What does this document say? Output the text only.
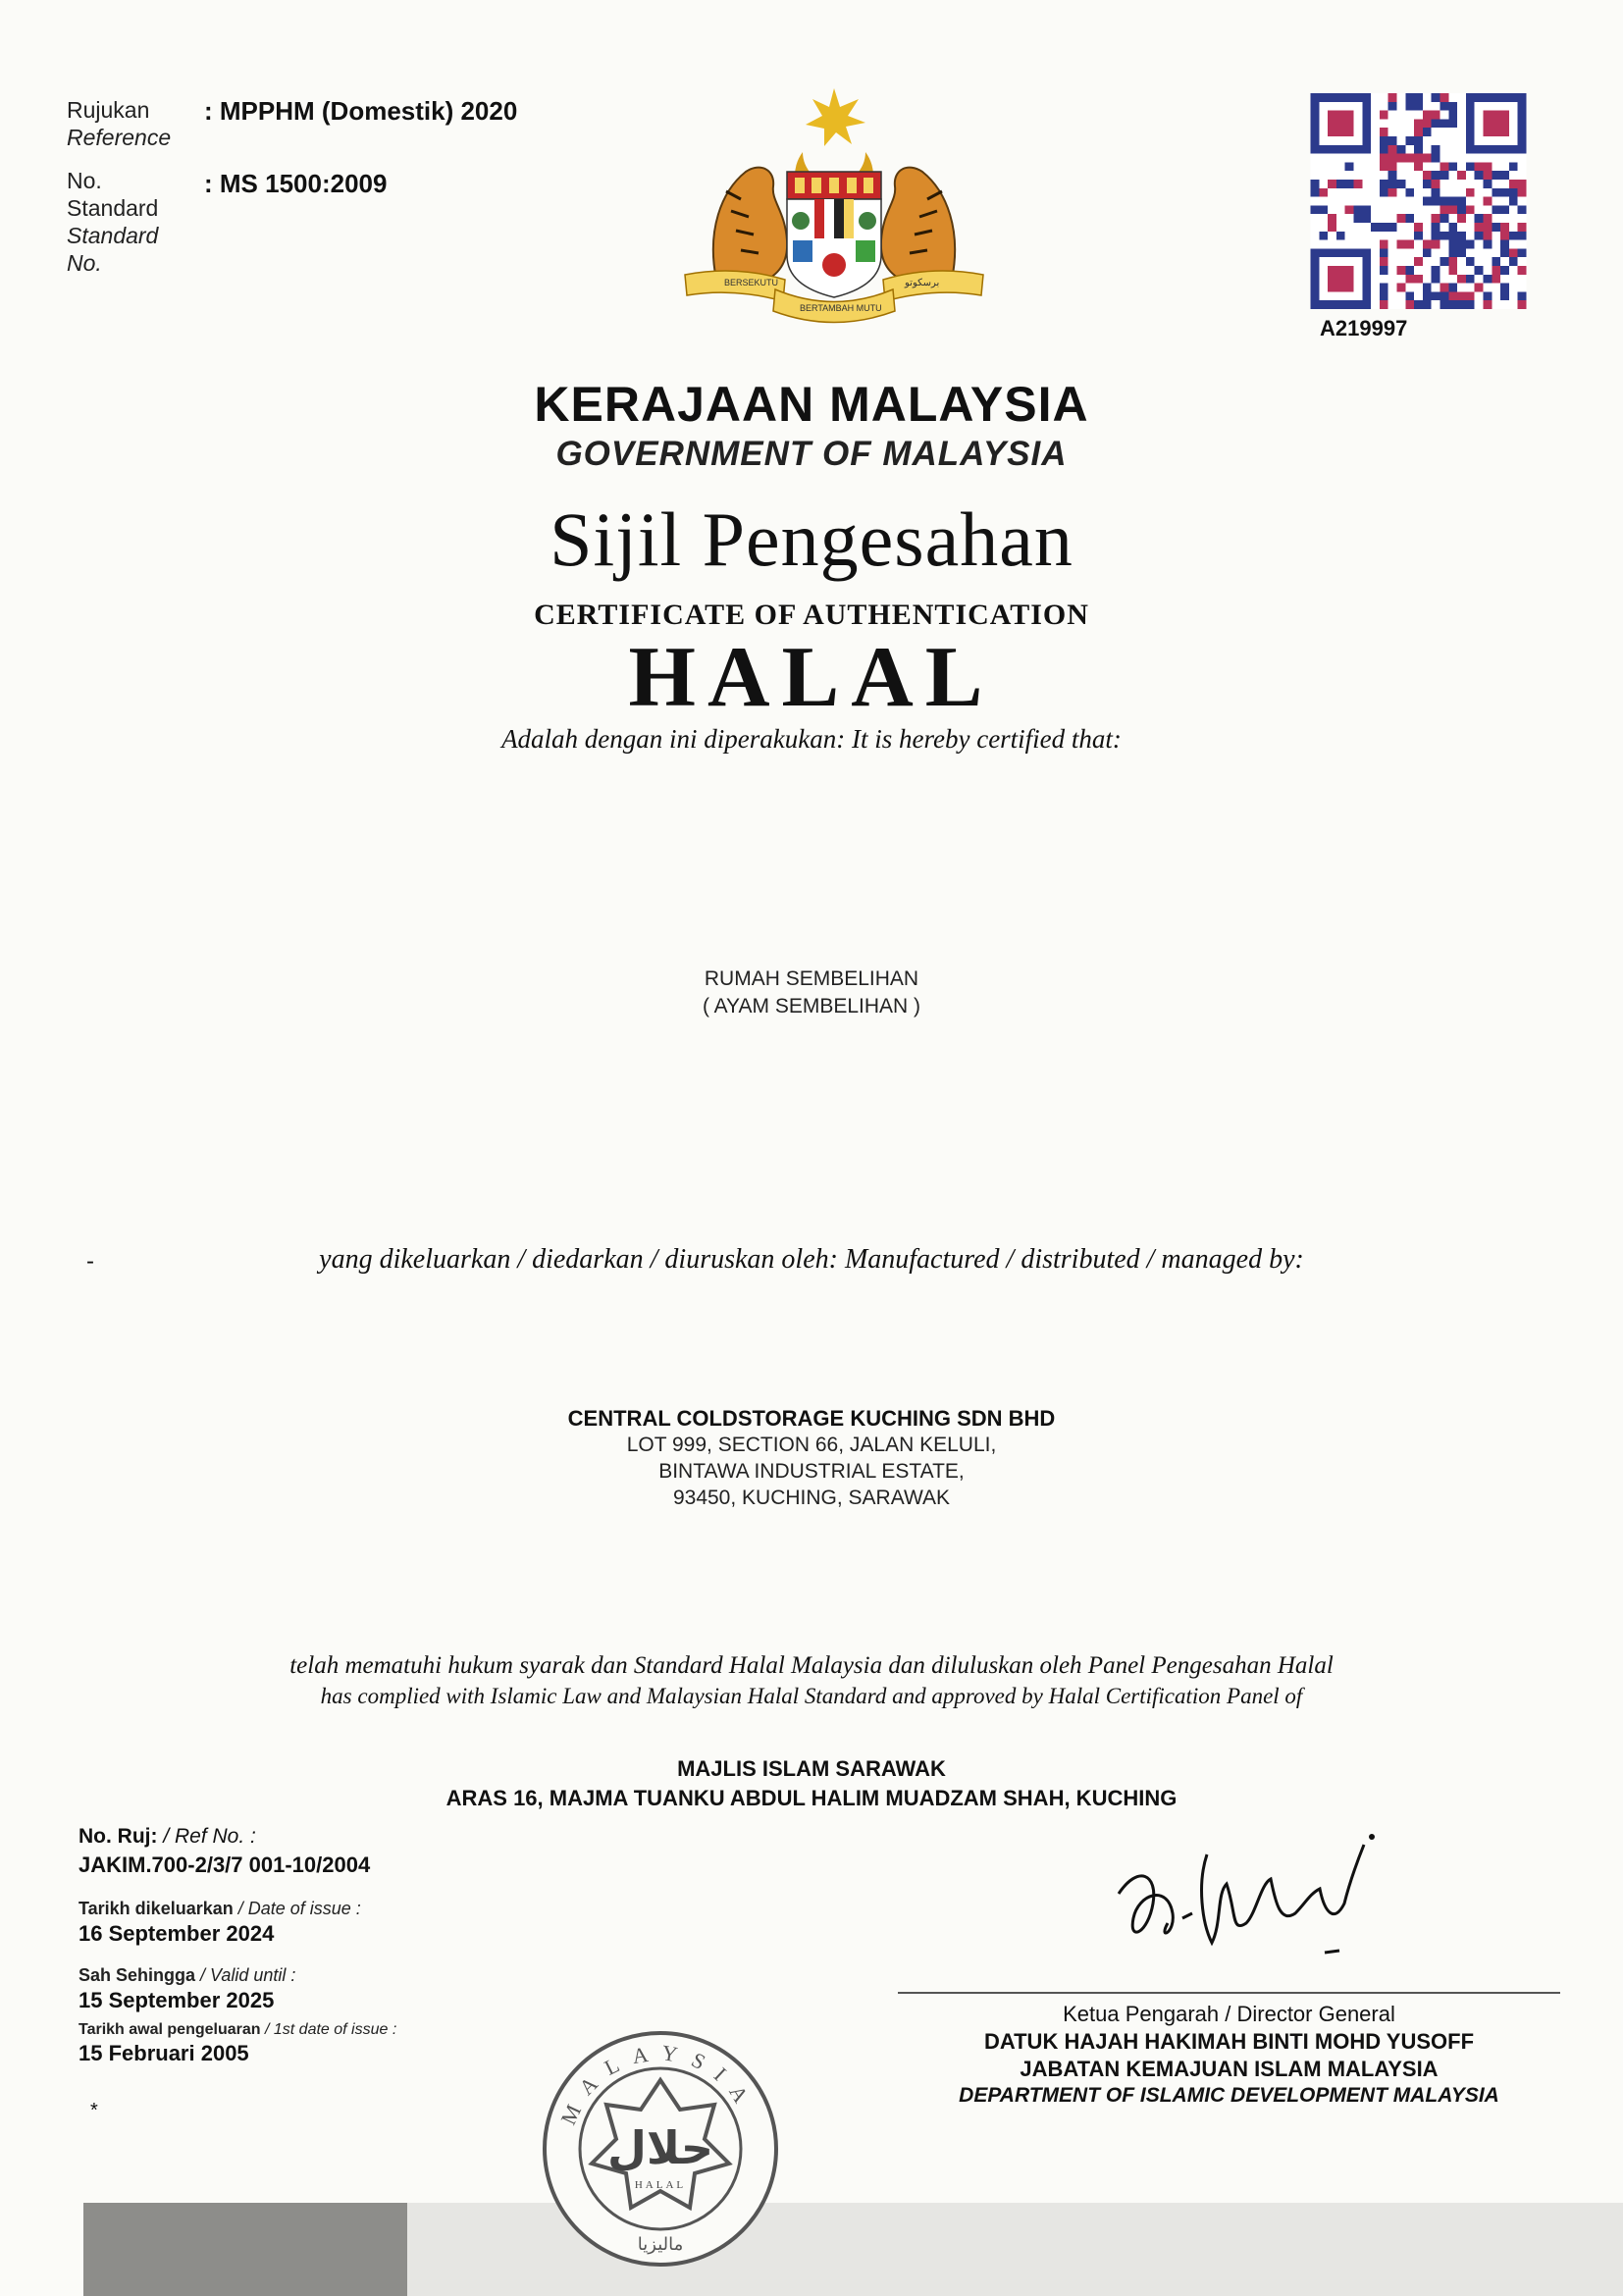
Rujukan
Reference
: MPPHM (Domestik) 2020
No.
Standard
Standard
No.
: MS 1500:2009
BERSEKUTU	برسکوتو
BERTAMBAH MUTU
A219997
KERAJAAN MALAYSIA
GOVERNMENT OF MALAYSIA
Sijil Pengesahan
CERTIFICATE OF AUTHENTICATION
HALAL
Adalah dengan ini diperakukan: It is hereby certified that:
RUMAH SEMBELIHAN
( AYAM SEMBELIHAN )
-	yang dikeluarkan / diedarkan / diuruskan oleh: Manufactured / distributed / managed by:
CENTRAL COLDSTORAGE KUCHING SDN BHD
LOT 999, SECTION 66, JALAN KELULI,
BINTAWA INDUSTRIAL ESTATE,
93450, KUCHING, SARAWAK
telah mematuhi hukum syarak dan Standard Halal Malaysia dan diluluskan oleh Panel Pengesahan Halal
has complied with Islamic Law and Malaysian Halal Standard and approved by Halal Certification Panel of
MAJLIS ISLAM SARAWAK
ARAS 16, MAJMA TUANKU ABDUL HALIM MUADZAM SHAH, KUCHING
No. Ruj: / Ref No. :
JAKIM.700-2/3/7 001-10/2004
Tarikh dikeluarkan / Date of issue :
16 September 2024
Sah Sehingga / Valid until :
15 September 2025
Tarikh awal pengeluaran / 1st date of issue :
15 Februari 2005
*
Ketua Pengarah / Director General
DATUK HAJAH HAKIMAH BINTI MOHD YUSOFF
JABATAN KEMAJUAN ISLAM MALAYSIA
DEPARTMENT OF ISLAMIC DEVELOPMENT MALAYSIA
حلال
HALAL
MALAYSIA
ماليزيا
